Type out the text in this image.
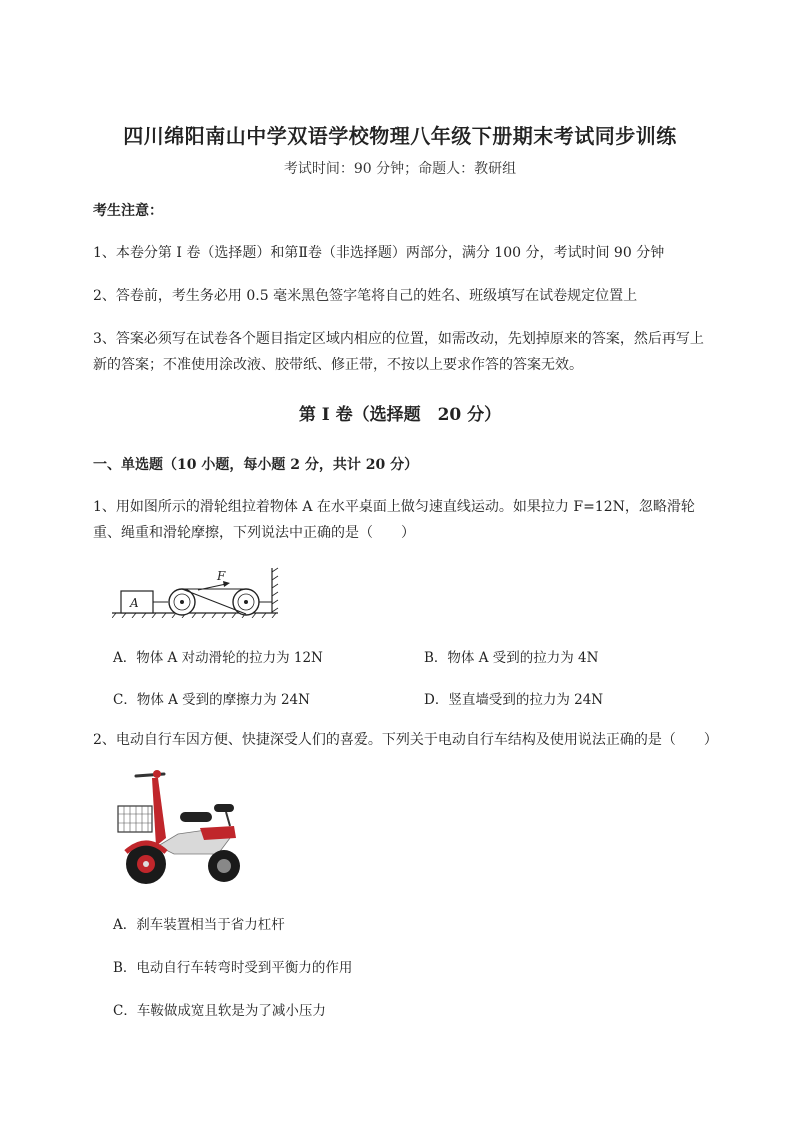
四川绵阳南山中学双语学校物理八年级下册期末考试同步训练
考试时间：90 分钟；命题人：教研组
考生注意：
1、本卷分第 I 卷（选择题）和第Ⅱ卷（非选择题）两部分，满分 100 分，考试时间 90 分钟
2、答卷前，考生务必用 0.5 毫米黑色签字笔将自己的姓名、班级填写在试卷规定位置上
3、答案必须写在试卷各个题目指定区域内相应的位置，如需改动，先划掉原来的答案，然后再写上新的答案；不准使用涂改液、胶带纸、修正带，不按以上要求作答的答案无效。
第 I 卷（选择题　20 分）
一、单选题（10 小题，每小题 2 分，共计 20 分）
1、用如图所示的滑轮组拉着物体 A 在水平桌面上做匀速直线运动。如果拉力 F=12N，忽略滑轮重、绳重和滑轮摩擦，下列说法中正确的是（　　）
A
F
A．物体 A 对动滑轮的拉力为 12N	B．物体 A 受到的拉力为 4N
C．物体 A 受到的摩擦力为 24N	D．竖直墙受到的拉力为 24N
2、电动自行车因方便、快捷深受人们的喜爱。下列关于电动自行车结构及使用说法正确的是（　　）
A．刹车装置相当于省力杠杆
B．电动自行车转弯时受到平衡力的作用
C．车鞍做成宽且软是为了减小压力
